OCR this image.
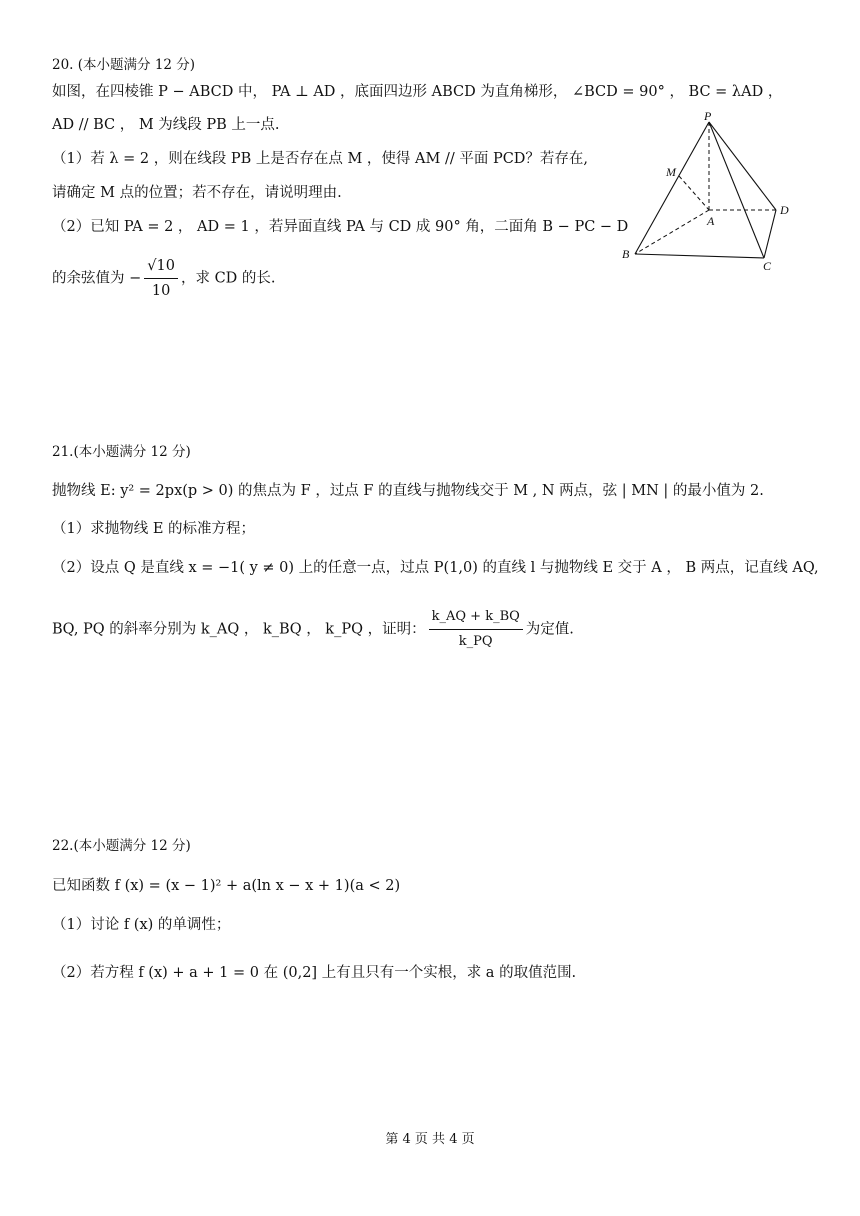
20. (本小题满分 12 分)
如图，在四棱锥 P − ABCD 中， PA ⊥ AD ，底面四边形 ABCD 为直角梯形， ∠BCD = 90° ， BC = λAD ，
AD // BC ， M 为线段 PB 上一点.
（1）若 λ = 2 ，则在线段 PB 上是否存在点 M ，使得 AM // 平面 PCD？若存在,
请确定 M 点的位置；若不存在，请说明理由.
（2）已知 PA = 2 ， AD = 1 ，若异面直线 PA 与 CD 成 90° 角，二面角 B − PC − D
的余弦值为 − $\frac{√10}{10}$ ，求 CD 的长.
P
M
A
D
B
C
21.(本小题满分 12 分)
抛物线 E: y² = 2px(p > 0) 的焦点为 F ，过点 F 的直线与抛物线交于 M , N 两点，弦 | MN | 的最小值为 2.
（1）求抛物线 E 的标准方程；
（2）设点 Q 是直线 x = −1( y ≠ 0) 上的任意一点，过点 P(1,0) 的直线 l 与抛物线 E 交于 A ， B 两点，记直线 AQ,
BQ, PQ 的斜率分别为 k_AQ ， k_BQ ， k_PQ ，证明： $\frac{k\_AQ + k\_BQ}{k\_PQ}$ 为定值.
22.(本小题满分 12 分)
已知函数 f (x) = (x − 1)² + a(ln x − x + 1)(a < 2)
（1）讨论 f (x) 的单调性；
（2）若方程 f (x) + a + 1 = 0 在 (0,2] 上有且只有一个实根，求 a 的取值范围.
第 4 页 共 4 页
